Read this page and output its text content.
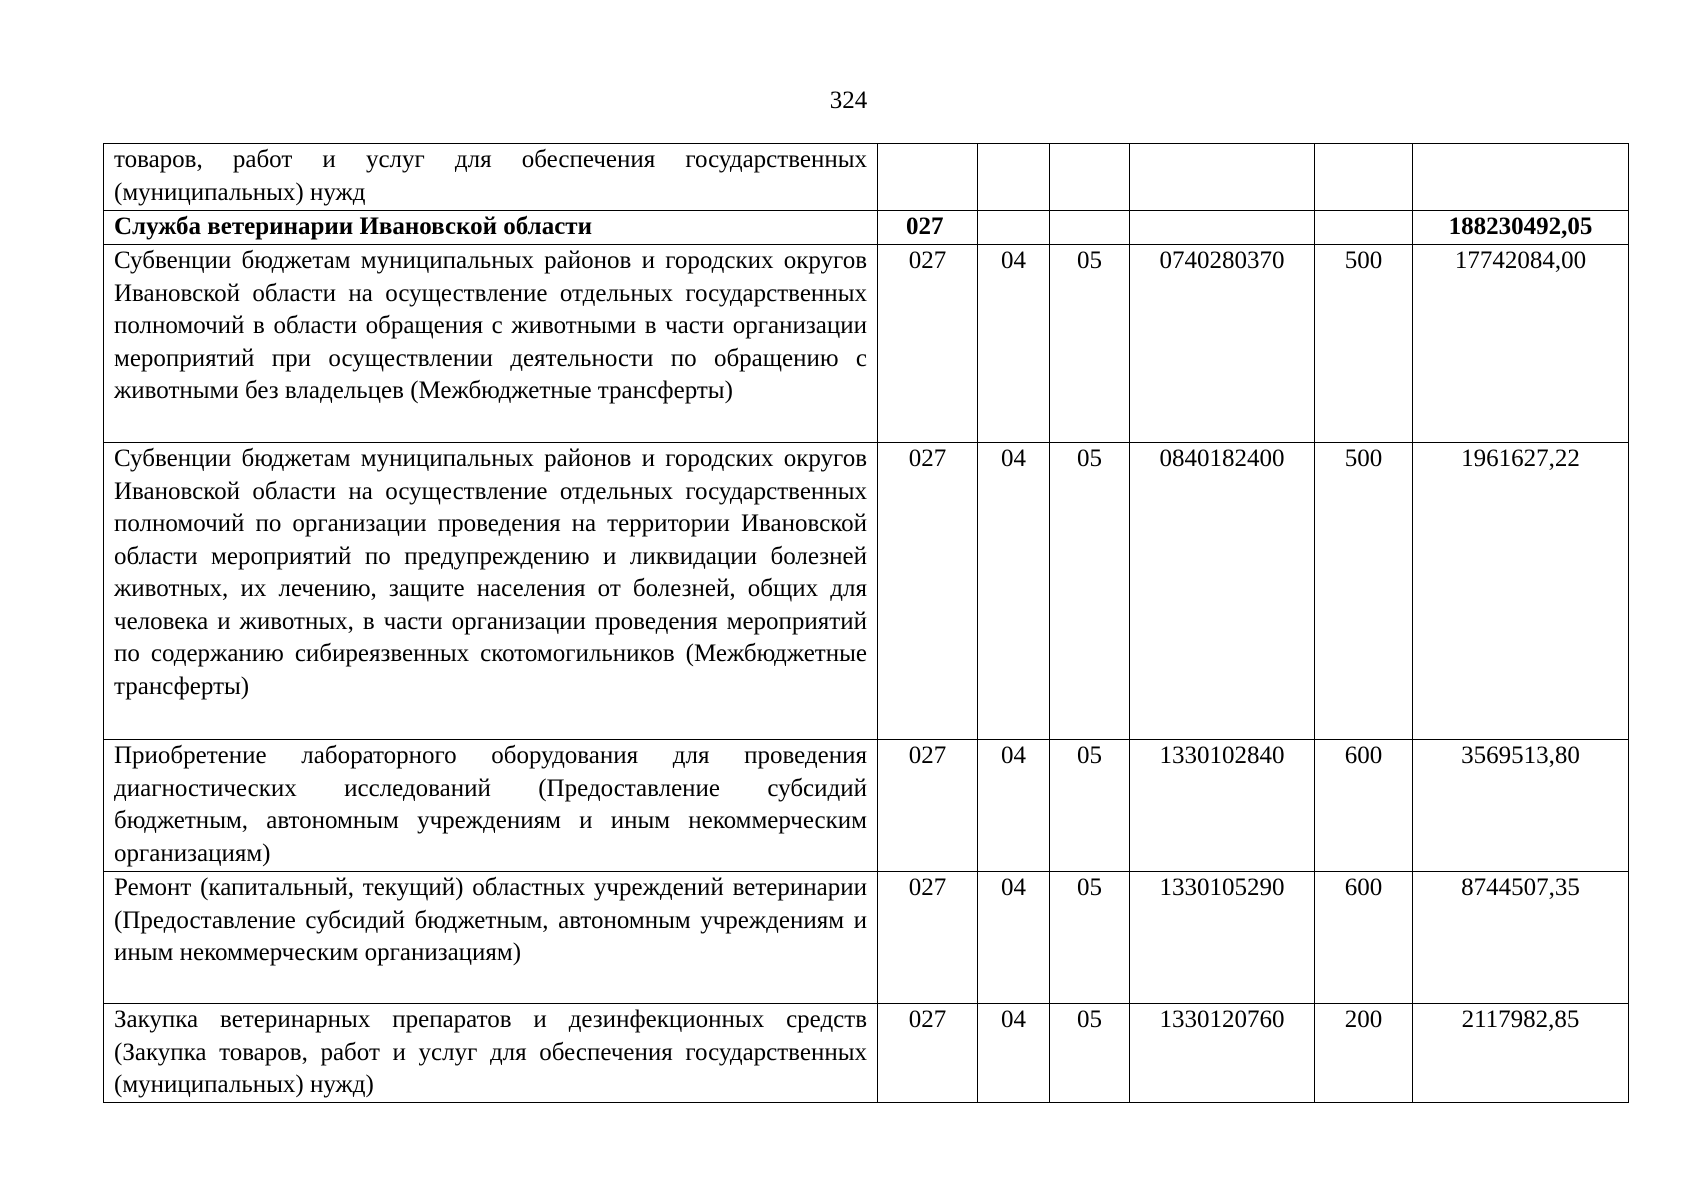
324
товаров, работ и услуг для обеспечения государственных (муниципальных) нужд						
Служба ветеринарии Ивановской области	027					188230492,05
Субвенции бюджетам муниципальных районов и городских округов Ивановской области на осуществление отдельных государственных полномочий в области обращения с животными в части организации мероприятий при осуществлении деятельности по обращению с животными без владельцев (Межбюджетные трансферты)	027	04	05	0740280370	500	17742084,00
Субвенции бюджетам муниципальных районов и городских округов Ивановской области на осуществление отдельных государственных полномочий по организации проведения на территории Ивановской области мероприятий по предупреждению и ликвидации болезней животных, их лечению, защите населения от болезней, общих для человека и животных, в части организации проведения мероприятий по содержанию сибиреязвенных скотомогильников (Межбюджетные трансферты)	027	04	05	0840182400	500	1961627,22
Приобретение лабораторного оборудования для проведения диагностических исследований (Предоставление субсидий бюджетным, автономным учреждениям и иным некоммерческим организациям)	027	04	05	1330102840	600	3569513,80
Ремонт (капитальный, текущий) областных учреждений ветеринарии (Предоставление субсидий бюджетным, автономным учреждениям и иным некоммерческим организациям)	027	04	05	1330105290	600	8744507,35
Закупка ветеринарных препаратов и дезинфекционных средств (Закупка товаров, работ и услуг для обеспечения государственных (муниципальных) нужд)	027	04	05	1330120760	200	2117982,85
